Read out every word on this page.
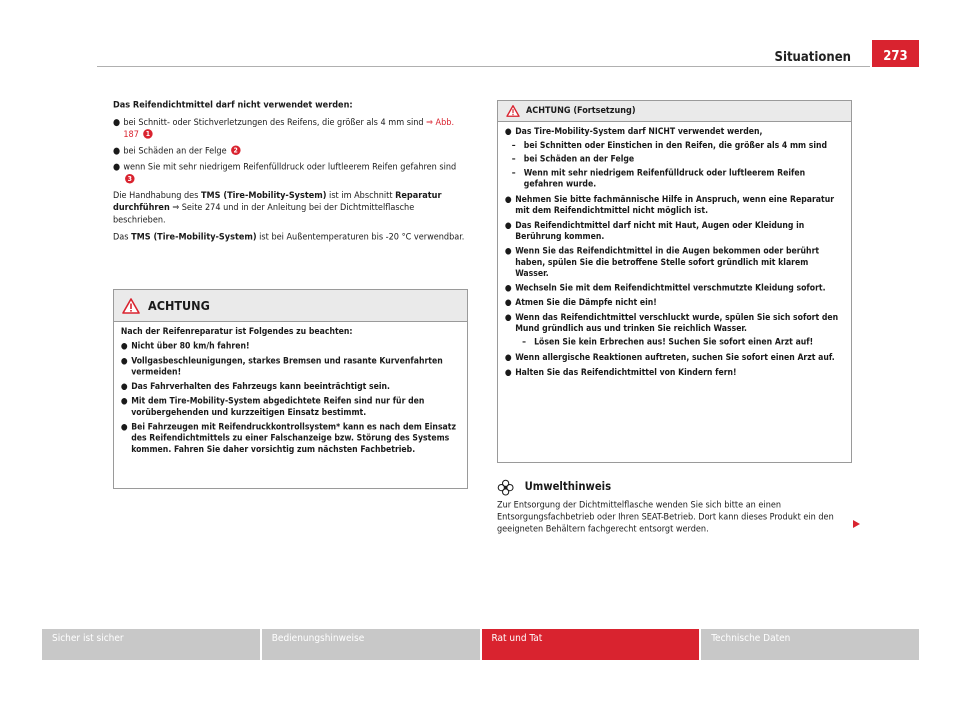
Situationen	273

Das Reifendichtmittel darf nicht verwendet werden:

● bei Schnitt- oder Stichverletzungen des Reifens, die größer als 4 mm sind ⇒ Abb. 187 1
● bei Schäden an der Felge 2
● wenn Sie mit sehr niedrigem Reifenfülldruck oder luftleerem Reifen gefahren sind 3

Die Handhabung des TMS (Tire-Mobility-System) ist im Abschnitt Reparatur durchführen ⇒ Seite 274 und in der Anleitung bei der Dichtmittelflasche beschrieben.

Das TMS (Tire-Mobility-System) ist bei Außentemperaturen bis -20 °C verwendbar.

ACHTUNG
Nach der Reifenreparatur ist Folgendes zu beachten:
● Nicht über 80 km/h fahren!
● Vollgasbeschleunigungen, starkes Bremsen und rasante Kurvenfahrten vermeiden!
● Das Fahrverhalten des Fahrzeugs kann beeinträchtigt sein.
● Mit dem Tire-Mobility-System abgedichtete Reifen sind nur für den vorübergehenden und kurzzeitigen Einsatz bestimmt.
● Bei Fahrzeugen mit Reifendruckkontrollsystem* kann es nach dem Einsatz des Reifendichtmittels zu einer Falschanzeige bzw. Störung des Systems kommen. Fahren Sie daher vorsichtig zum nächsten Fachbetrieb.
ACHTUNG (Fortsetzung)
● Das Tire-Mobility-System darf NICHT verwendet werden,
– bei Schnitten oder Einstichen in den Reifen, die größer als 4 mm sind
– bei Schäden an der Felge
– Wenn mit sehr niedrigem Reifenfülldruck oder luftleerem Reifen gefahren wurde.
● Nehmen Sie bitte fachmännische Hilfe in Anspruch, wenn eine Reparatur mit dem Reifendichtmittel nicht möglich ist.
● Das Reifendichtmittel darf nicht mit Haut, Augen oder Kleidung in Berührung kommen.
● Wenn Sie das Reifendichtmittel in die Augen bekommen oder berührt haben, spülen Sie die betroffene Stelle sofort gründlich mit klarem Wasser.
● Wechseln Sie mit dem Reifendichtmittel verschmutzte Kleidung sofort.
● Atmen Sie die Dämpfe nicht ein!
● Wenn das Reifendichtmittel verschluckt wurde, spülen Sie sich sofort den Mund gründlich aus und trinken Sie reichlich Wasser.
– Lösen Sie kein Erbrechen aus! Suchen Sie sofort einen Arzt auf!
● Wenn allergische Reaktionen auftreten, suchen Sie sofort einen Arzt auf.
● Halten Sie das Reifendichtmittel von Kindern fern!
Umwelthinweis

Zur Entsorgung der Dichtmittelflasche wenden Sie sich bitte an einen Entsorgungsfachbetrieb oder Ihren SEAT-Betrieb. Dort kann dieses Produkt ein den geeigneten Behältern fachgerecht entsorgt werden.

Sicher ist sicher	Bedienungshinweise	Rat und Tat	Technische Daten
